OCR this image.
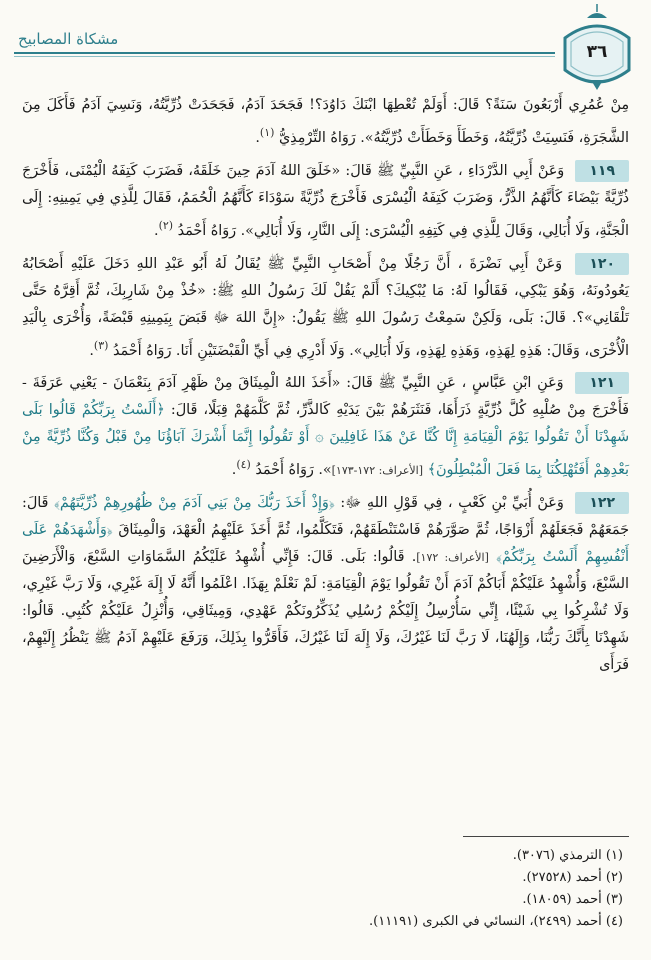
مشكاة المصابيح
٣٦

مِنْ عُمُرِي أَرْبَعُونَ سَنَةً؟ قَالَ: أَوَلَمْ تُعْطِهَا ابْنَكَ دَاوُدَ؟! فَجَحَدَ آدَمُ، فَجَحَدَتْ ذُرِّيَّتُهُ، وَنَسِيَ آدَمُ فَأَكَلَ مِنَ الشَّجَرَةِ، فَنَسِيَتْ ذُرِّيَّتُهُ، وَخَطَأَ وَخَطَأَتْ ذُرِّيَّتُهُ». رَوَاهُ التِّرْمِذِيُّ $^{(١)}$.

١١٩ وَعَنْ أَبِي الدَّرْدَاءِ ، عَنِ النَّبِيِّ ﷺ قَالَ: «خَلَقَ اللهُ آدَمَ حِينَ خَلَقَهُ، فَضَرَبَ كَتِفَهُ الْيُمْنَى، فَأَخْرَجَ ذُرِّيَّةً بَيْضَاءَ كَأَنَّهُمُ الذَّرُّ، وَضَرَبَ كَتِفَهُ الْيُسْرَى فَأَخْرَجَ ذُرِّيَّةً سَوْدَاءَ كَأَنَّهُمُ الْحُمَمُ، فَقَالَ لِلَّذِي فِي يَمِينِهِ: إِلَى الْجَنَّةِ، وَلَا أُبَالِي، وَقَالَ لِلَّذِي فِي كَتِفِهِ الْيُسْرَى: إِلَى النَّارِ، وَلَا أُبَالِي». رَوَاهُ أَحْمَدُ $^{(٢)}$.

١٢٠ وَعَنْ أَبِي نَضْرَةَ ، أَنَّ رَجُلًا مِنْ أَصْحَابِ النَّبِيِّ ﷺ يُقَالُ لَهُ أَبُو عَبْدِ اللهِ دَخَلَ عَلَيْهِ أَصْحَابُهُ يَعُودُونَهُ، وَهُوَ يَبْكِي، فَقَالُوا لَهُ: مَا يُبْكِيكَ؟ أَلَمْ يَقُلْ لَكَ رَسُولُ اللهِ ﷺ: «خُذْ مِنْ شَارِبِكَ، ثُمَّ أَقِرَّهُ حَتَّى تَلْقَانِي»؟. قَالَ: بَلَى، وَلَكِنْ سَمِعْتُ رَسُولَ اللهِ ﷺ يَقُولُ: «إِنَّ اللهَ ﷻ قَبَضَ بِيَمِينِهِ قَبْضَةً، وَأُخْرَى بِالْيَدِ الْأُخْرَى، وَقَالَ: هَذِهِ لِهَذِهِ، وَهَذِهِ لِهَذِهِ، وَلَا أُبَالِي». وَلَا أَدْرِي فِي أَيِّ الْقَبْضَتَيْنِ أَنَا. رَوَاهُ أَحْمَدُ $^{(٣)}$.

١٢١ وَعَنِ ابْنِ عَبَّاسٍ ، عَنِ النَّبِيِّ ﷺ قَالَ: «أَخَذَ اللهُ الْمِيثَاقَ مِنْ ظَهْرِ آدَمَ بِنَعْمَانَ - يَعْنِي عَرَفَةَ - فَأَخْرَجَ مِنْ صُلْبِهِ كُلَّ ذُرِّيَّةٍ ذَرَأَهَا، فَنَثَرَهُمْ بَيْنَ يَدَيْهِ كَالذَّرِّ، ثُمَّ كَلَّمَهُمْ قِبَلًا، قَالَ: ﴿أَلَسْتُ بِرَبِّكُمْ قَالُوا بَلَى شَهِدْنَا أَنْ تَقُولُوا يَوْمَ الْقِيَامَةِ إِنَّا كُنَّا عَنْ هَذَا غَافِلِينَ ۞ أَوْ تَقُولُوا إِنَّمَا أَشْرَكَ آبَاؤُنَا مِنْ قَبْلُ وَكُنَّا ذُرِّيَّةً مِنْ بَعْدِهِمْ أَفَتُهْلِكُنَا بِمَا فَعَلَ الْمُبْطِلُونَ﴾ [الأعراف: ١٧٢-١٧٣]». رَوَاهُ أَحْمَدُ $^{(٤)}$.

١٢٢ وَعَنْ أُبَيِّ بْنِ كَعْبٍ ، فِي قَوْلِ اللهِ ﷻ: ﴿وَإِذْ أَخَذَ رَبُّكَ مِنْ بَنِي آدَمَ مِنْ ظُهُورِهِمْ ذُرِّيَّتَهُمْ﴾ قَالَ: جَمَعَهُمْ فَجَعَلَهُمْ أَزْوَاجًا، ثُمَّ صَوَّرَهُمْ فَاسْتَنْطَقَهُمْ، فَتَكَلَّمُوا، ثُمَّ أَخَذَ عَلَيْهِمُ الْعَهْدَ، وَالْمِيثَاقَ ﴿وَأَشْهَدَهُمْ عَلَى أَنْفُسِهِمْ أَلَسْتُ بِرَبِّكُمْ﴾ [الأعراف: ١٧٢]. قَالُوا: بَلَى. قَالَ: فَإِنِّي أُشْهِدُ عَلَيْكُمُ السَّمَاوَاتِ السَّبْعَ، وَالْأَرَضِينَ السَّبْعَ، وَأُشْهِدُ عَلَيْكُمْ أَبَاكُمْ آدَمَ أَنْ تَقُولُوا يَوْمَ الْقِيَامَةِ: لَمْ نَعْلَمْ بِهَذَا. اعْلَمُوا أَنَّهُ لَا إِلَهَ غَيْرِي، وَلَا رَبَّ غَيْرِي، وَلَا تُشْرِكُوا بِي شَيْئًا، إِنِّي سَأُرْسِلُ إِلَيْكُمْ رُسُلِي يُذَكِّرُونَكُمْ عَهْدِي، وَمِيثَاقِي، وَأُنْزِلُ عَلَيْكُمْ كُتُبِي. قَالُوا: شَهِدْنَا بِأَنَّكَ رَبُّنَا، وَإِلَهُنَا، لَا رَبَّ لَنَا غَيْرُكَ، وَلَا إِلَهَ لَنَا غَيْرُكَ، فَأَقَرُّوا بِذَلِكَ، وَرَفَعَ عَلَيْهِمْ آدَمُ ﷺ يَنْظُرُ إِلَيْهِمْ، فَرَأَى

(١) الترمذي (٣٠٧٦).
(٢) أحمد (٢٧٥٢٨).
(٣) أحمد (١٨٠٥٩).
(٤) أحمد (٢٤٩٩)، النسائي في الكبرى (١١١٩١).
